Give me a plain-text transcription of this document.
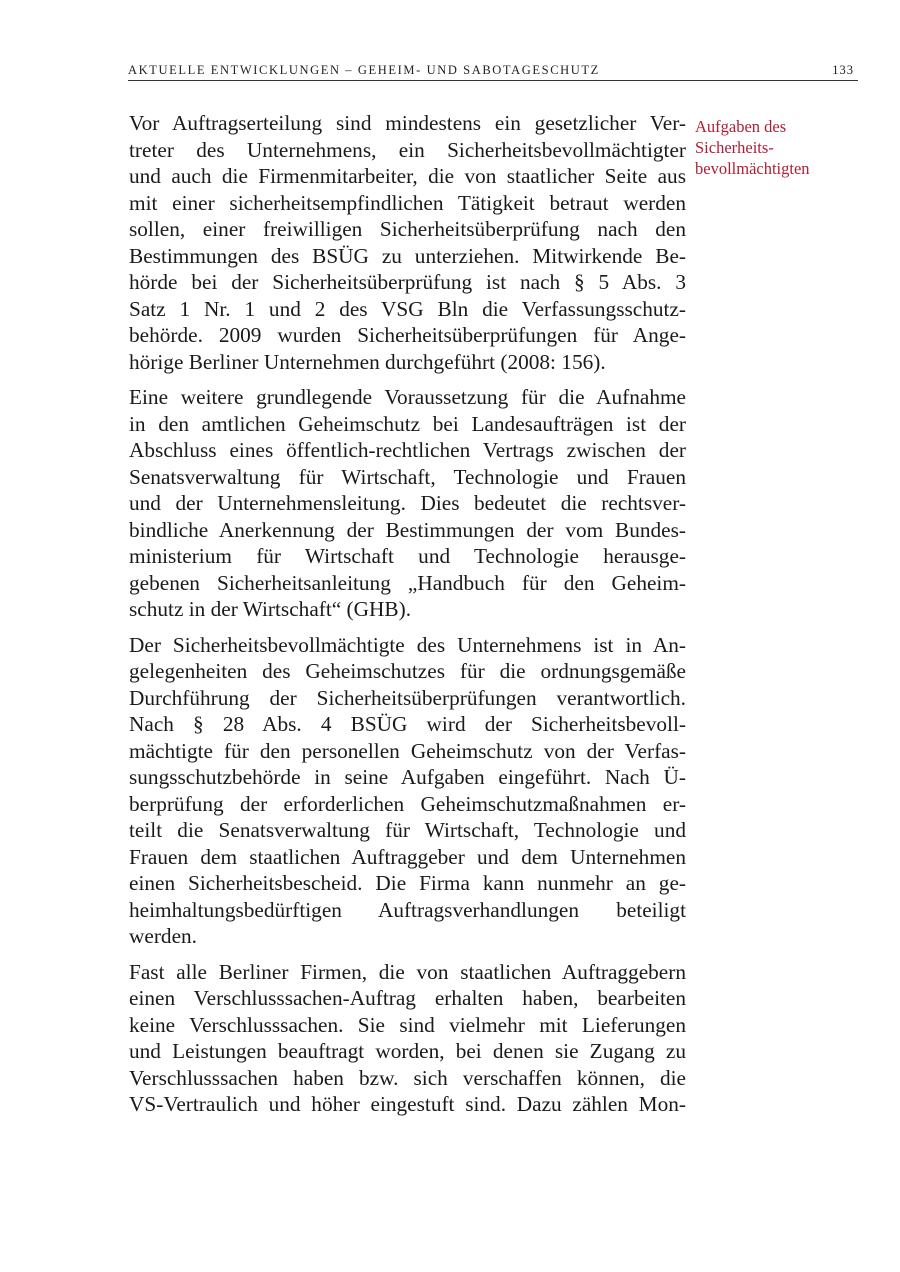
AKTUELLE ENTWICKLUNGEN – GEHEIM- UND SABOTAGESCHUTZ	133
Aufgaben des
Sicherheits-
bevollmächtigten

Vor Auftragserteilung sind mindestens ein gesetzlicher Ver-
treter des Unternehmens, ein Sicherheitsbevollmächtigter
und auch die Firmenmitarbeiter, die von staatlicher Seite aus
mit einer sicherheitsempfindlichen Tätigkeit betraut werden
sollen, einer freiwilligen Sicherheitsüberprüfung nach den
Bestimmungen des BSÜG zu unterziehen. Mitwirkende Be-
hörde bei der Sicherheitsüberprüfung ist nach § 5 Abs. 3
Satz 1 Nr. 1 und 2 des VSG Bln die Verfassungsschutz-
behörde. 2009 wurden Sicherheitsüberprüfungen für Ange-
hörige Berliner Unternehmen durchgeführt (2008: 156).

Eine weitere grundlegende Voraussetzung für die Aufnahme
in den amtlichen Geheimschutz bei Landesaufträgen ist der
Abschluss eines öffentlich-rechtlichen Vertrags zwischen der
Senatsverwaltung für Wirtschaft, Technologie und Frauen
und der Unternehmensleitung. Dies bedeutet die rechtsver-
bindliche Anerkennung der Bestimmungen der vom Bundes-
ministerium für Wirtschaft und Technologie herausge-
gebenen Sicherheitsanleitung „Handbuch für den Geheim-
schutz in der Wirtschaft“ (GHB).

Der Sicherheitsbevollmächtigte des Unternehmens ist in An-
gelegenheiten des Geheimschutzes für die ordnungsgemäße
Durchführung der Sicherheitsüberprüfungen verantwortlich.
Nach § 28 Abs. 4 BSÜG wird der Sicherheitsbevoll-
mächtigte für den personellen Geheimschutz von der Verfas-
sungsschutzbehörde in seine Aufgaben eingeführt. Nach Ü-
berprüfung der erforderlichen Geheimschutzmaßnahmen er-
teilt die Senatsverwaltung für Wirtschaft, Technologie und
Frauen dem staatlichen Auftraggeber und dem Unternehmen
einen Sicherheitsbescheid. Die Firma kann nunmehr an ge-
heimhaltungsbedürftigen Auftragsverhandlungen beteiligt
werden.

Fast alle Berliner Firmen, die von staatlichen Auftraggebern
einen Verschlusssachen-Auftrag erhalten haben, bearbeiten
keine Verschlusssachen. Sie sind vielmehr mit Lieferungen
und Leistungen beauftragt worden, bei denen sie Zugang zu
Verschlusssachen haben bzw. sich verschaffen können, die
VS-Vertraulich und höher eingestuft sind. Dazu zählen Mon-
